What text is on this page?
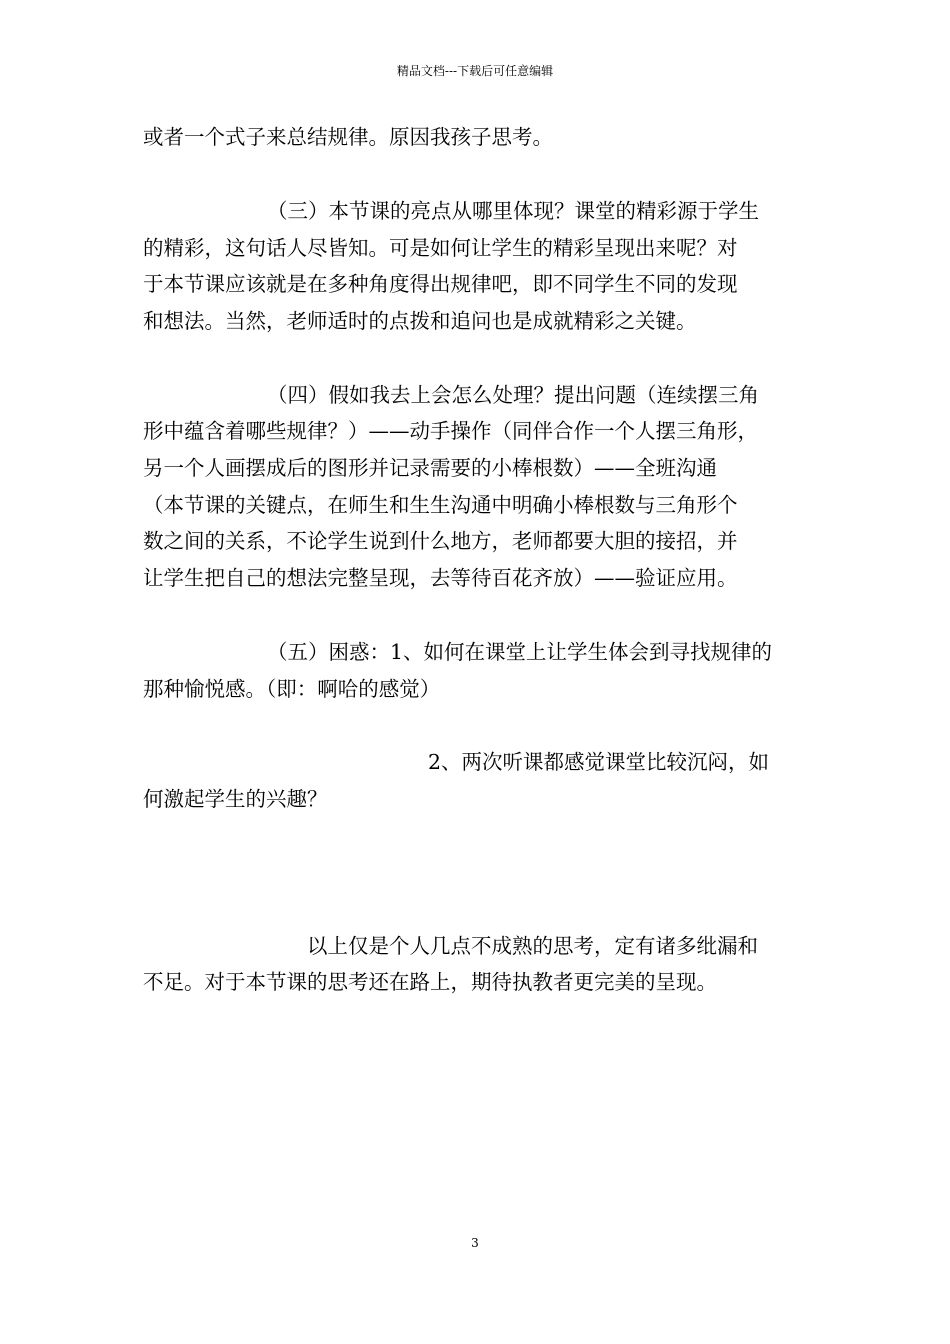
精品文档---下载后可任意编辑
或者一个式子来总结规律。原因我孩子思考。
（三）本节课的亮点从哪里体现？课堂的精彩源于学生
的精彩，这句话人尽皆知。可是如何让学生的精彩呈现出来呢？对
于本节课应该就是在多种角度得出规律吧，即不同学生不同的发现
和想法。当然，老师适时的点拨和追问也是成就精彩之关键。
（四）假如我去上会怎么处理？提出问题（连续摆三角
形中蕴含着哪些规律？）——动手操作（同伴合作一个人摆三角形，
另一个人画摆成后的图形并记录需要的小棒根数）——全班沟通
（本节课的关键点，在师生和生生沟通中明确小棒根数与三角形个
数之间的关系，不论学生说到什么地方，老师都要大胆的接招，并
让学生把自己的想法完整呈现，去等待百花齐放）——验证应用。
（五）困惑：1、如何在课堂上让学生体会到寻找规律的
那种愉悦感。（即：啊哈的感觉）
2、两次听课都感觉课堂比较沉闷，如
何激起学生的兴趣？
以上仅是个人几点不成熟的思考，定有诸多纰漏和
不足。对于本节课的思考还在路上，期待执教者更完美的呈现。
3
